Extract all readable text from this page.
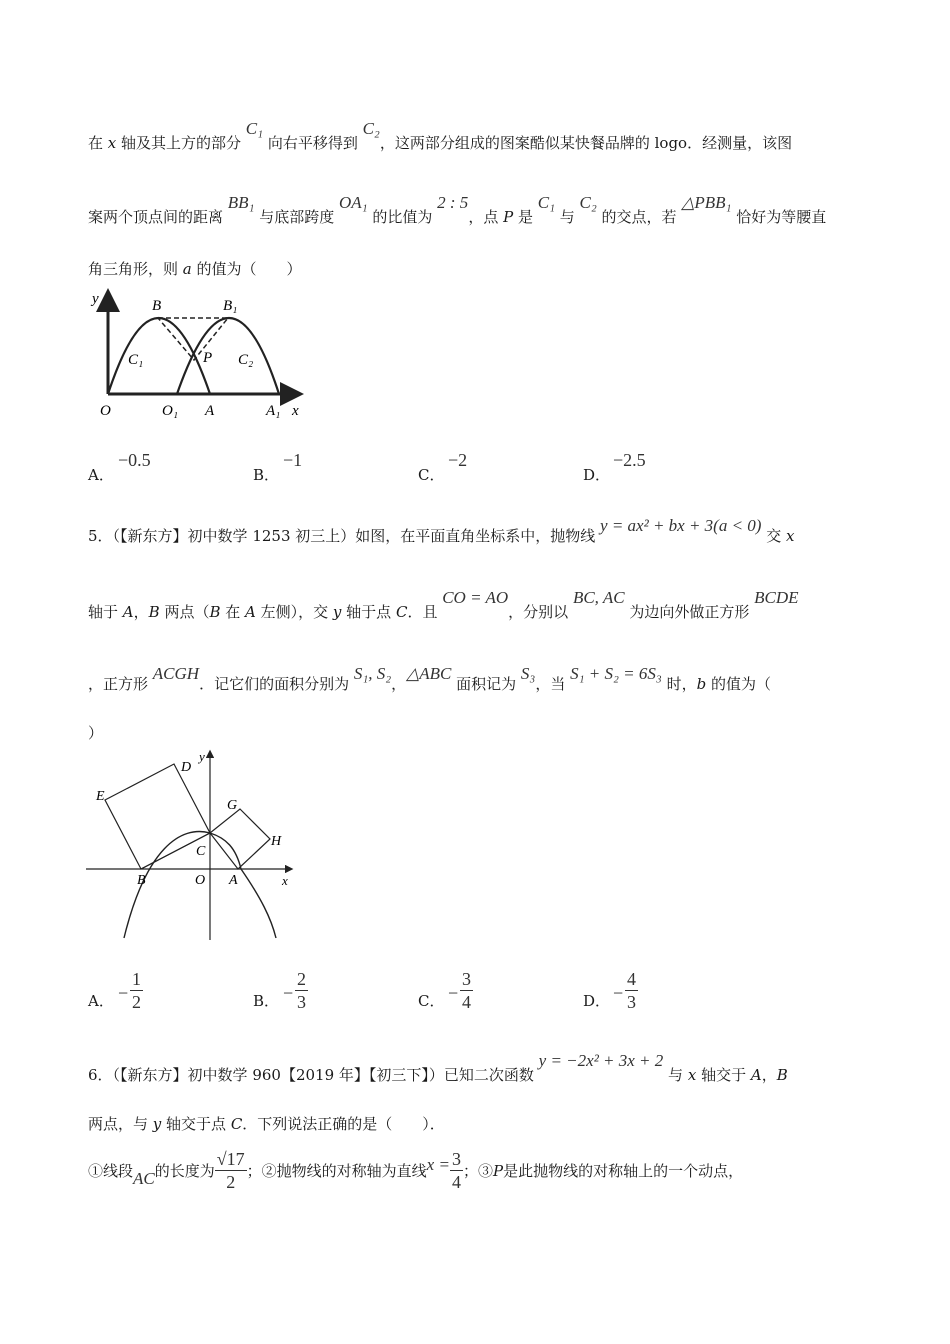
在 x 轴及其上方的部分 C₁ 向右平移得到 C₂，这两部分组成的图案酷似某快餐品牌的 logo．经测量，该图
案两个顶点间的距离 BB₁ 与底部跨度 OA₁ 的比值为 2 : 5，点 P 是 C₁ 与 C₂ 的交点，若 △PBB₁ 恰好为等腰直
角三角形，则 a 的值为（　　）
y	B	B₁
C₁	P C₂
O	O₁ A	A₁ x
A．
−0.5
B．
−1
C．
−2
D．
−2.5
5．（【新东方】初中数学 1253 初三上）如图，在平面直角坐标系中，抛物线 y = ax² + bx + 3(a < 0) 交 x
轴于 A，B 两点（B 在 A 左侧），交 y 轴于点 C．且 CO = AO，分别以 BC, AC 为边向外做正方形 BCDE
，正方形 ACGH．记它们的面积分别为 S₁, S₂，△ABC 面积记为 S₃，当 S₁ + S₂ = 6S₃ 时，b 的值为（
）
y
D
E
G
H
C
B	O A	x
A． − $\frac{1}{2}$	B． − $\frac{2}{3}$	C． − $\frac{3}{4}$	D． − $\frac{4}{3}$
6．（【新东方】初中数学 960【2019 年】【初三下】）已知二次函数 y = −2x² + 3x + 2 与 x 轴交于 A，B
两点，与 y 轴交于点 C．下列说法正确的是（　　）．
①线段 AC 的长度为 $\frac{√17}{2}$ ；②抛物线的对称轴为直线 $x = \frac{3}{4}$ ；③ P 是此抛物线的对称轴上的一个动点，
